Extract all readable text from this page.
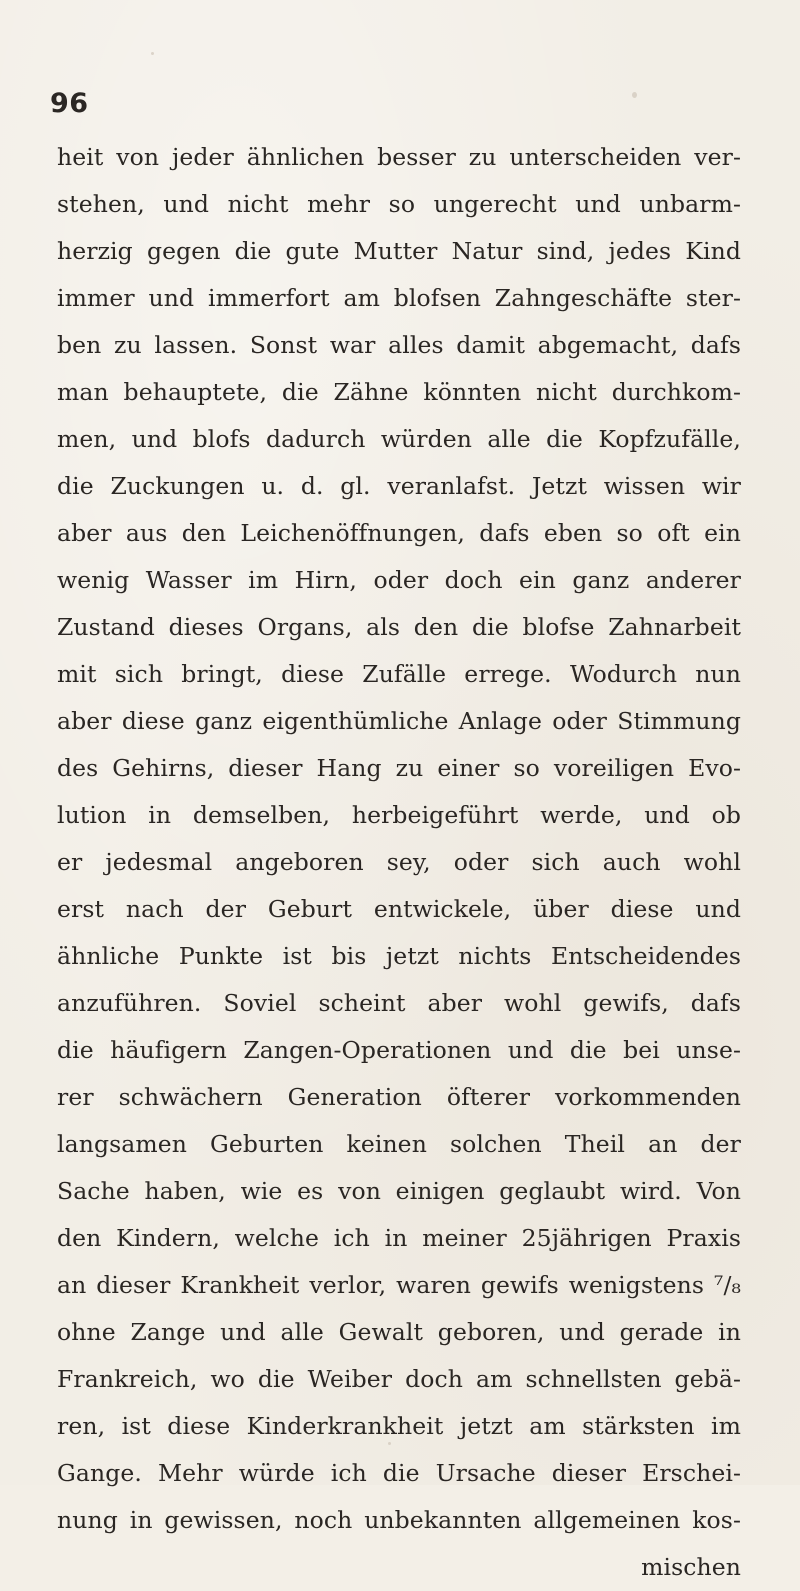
96
heit von jeder ähnlichen besser zu unterscheiden ver-
stehen, und nicht mehr so ungerecht und unbarm-
herzig gegen die gute Mutter Natur sind, jedes Kind
immer und immerfort am blofsen Zahngeschäfte ster-
ben zu lassen. Sonst war alles damit abgemacht, dafs
man behauptete, die Zähne könnten nicht durchkom-
men, und blofs dadurch würden alle die Kopfzufälle,
die Zuckungen u. d. gl. veranlafst. Jetzt wissen wir
aber aus den Leichenöffnungen, dafs eben so oft ein
wenig Wasser im Hirn, oder doch ein ganz anderer
Zustand dieses Organs, als den die blofse Zahnarbeit
mit sich bringt, diese Zufälle errege. Wodurch nun
aber diese ganz eigenthümliche Anlage oder Stimmung
des Gehirns, dieser Hang zu einer so voreiligen Evo-
lution in demselben, herbeigeführt werde, und ob
er jedesmal angeboren sey, oder sich auch wohl
erst nach der Geburt entwickele, über diese und
ähnliche Punkte ist bis jetzt nichts Entscheidendes
anzuführen. Soviel scheint aber wohl gewifs, dafs
die häufigern Zangen-Operationen und die bei unse-
rer schwächern Generation öfterer vorkommenden
langsamen Geburten keinen solchen Theil an der
Sache haben, wie es von einigen geglaubt wird. Von
den Kindern, welche ich in meiner 25jährigen Praxis
an dieser Krankheit verlor, waren gewifs wenigstens ⁷/₈
ohne Zange und alle Gewalt geboren, und gerade in
Frankreich, wo die Weiber doch am schnellsten gebä-
ren, ist diese Kinderkrankheit jetzt am stärksten im
Gange. Mehr würde ich die Ursache dieser Erschei-
nung in gewissen, noch unbekannten allgemeinen kos-
mischen
